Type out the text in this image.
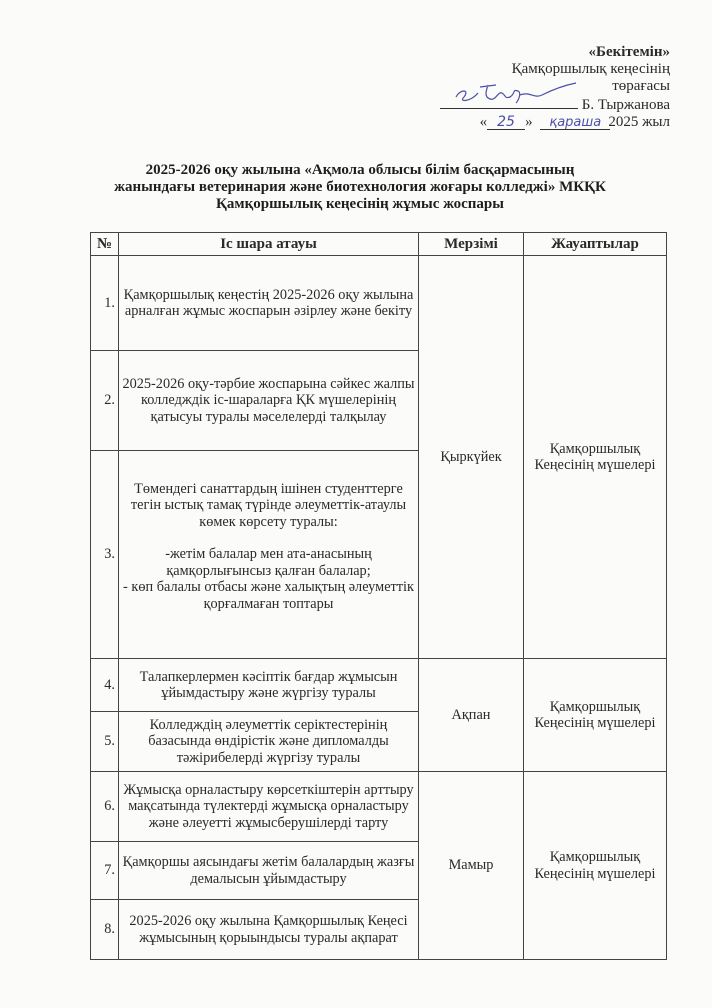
«Бекітемін»
Қамқоршылық кеңесінің
төрағасы
Б. Тыржанова
« 25 » қараша 2025 жыл
2025-2026 оқу жылына «Ақмола облысы білім басқармасының
жанындағы ветеринария және биотехнология жоғары колледжі» МКҚК
Қамқоршылық кеңесінің жұмыс жоспары
№	Іс шара атауы	Мерзімі	Жауаптылар
1.	Қамқоршылық кеңестің 2025-2026 оқу жылына арналған жұмыс жоспарын әзірлеу және бекіту	Қыркүйек	Қамқоршылық Кеңесінің мүшелері
2.	2025-2026 оқу-тәрбие жоспарына сәйкес жалпы колледждік іс-шараларға ҚК мүшелерінің қатысуы туралы мәселелерді талқылау		
3.	Төмендегі санаттардың ішінен студенттерге тегін ыстық тамақ түрінде әлеуметтік-атаулы көмек көрсету туралы:
-жетім балалар мен ата-анасының қамқорлығынсыз қалған балалар;
- көп балалы отбасы және халықтың әлеуметтік қорғалмаған топтары		

4.	Талапкерлермен кәсіптік бағдар жұмысын ұйымдастыру және жүргізу туралы	Ақпан	Қамқоршылық Кеңесінің мүшелері
5.	Колледждің әлеуметтік серіктестерінің базасында өндірістік және дипломалды тәжірибелерді жүргізу туралы		
6.	Жұмысқа орналастыру көрсеткіштерін арттыру мақсатында түлектерді жұмысқа орналастыру және әлеуетті жұмысберушілерді тарту	Мамыр	Қамқоршылық Кеңесінің мүшелері
7.	Қамқоршы аясындағы жетім балалардың жазғы демалысын ұйымдастыру		
8.	2025-2026 оқу жылына Қамқоршылық Кеңесі жұмысының қорыындысы туралы ақпарат		
